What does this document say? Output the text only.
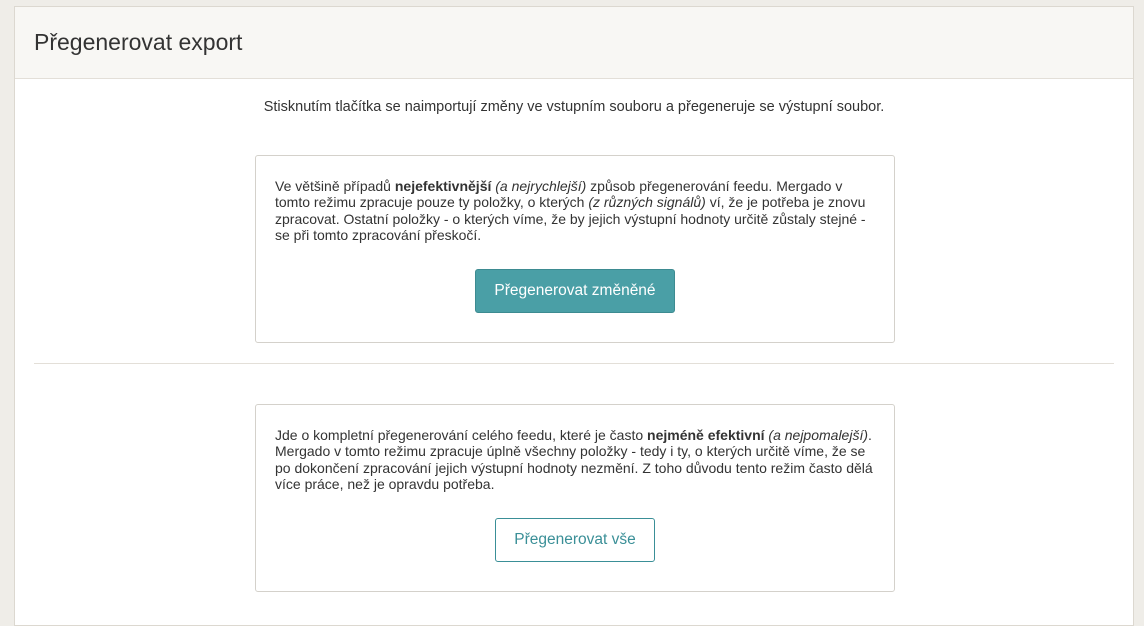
Přegenerovat export

Stisknutím tlačítka se naimportují změny ve vstupním souboru a přegeneruje se výstupní soubor.

Ve většině případů nejefektivnější (a nejrychlejší) způsob přegenerování feedu. Mergado v tomto režimu zpracuje pouze ty položky, o kterých (z různých signálů) ví, že je potřeba je znovu zpracovat. Ostatní položky - o kterých víme, že by jejich výstupní hodnoty určitě zůstaly stejné - se při tomto zpracování přeskočí.

Přegenerovat změněné

Jde o kompletní přegenerování celého feedu, které je často nejméně efektivní (a nejpomalejší). Mergado v tomto režimu zpracuje úplně všechny položky - tedy i ty, o kterých určitě víme, že se po dokončení zpracování jejich výstupní hodnoty nezmění. Z toho důvodu tento režim často dělá více práce, než je opravdu potřeba.

Přegenerovat vše
